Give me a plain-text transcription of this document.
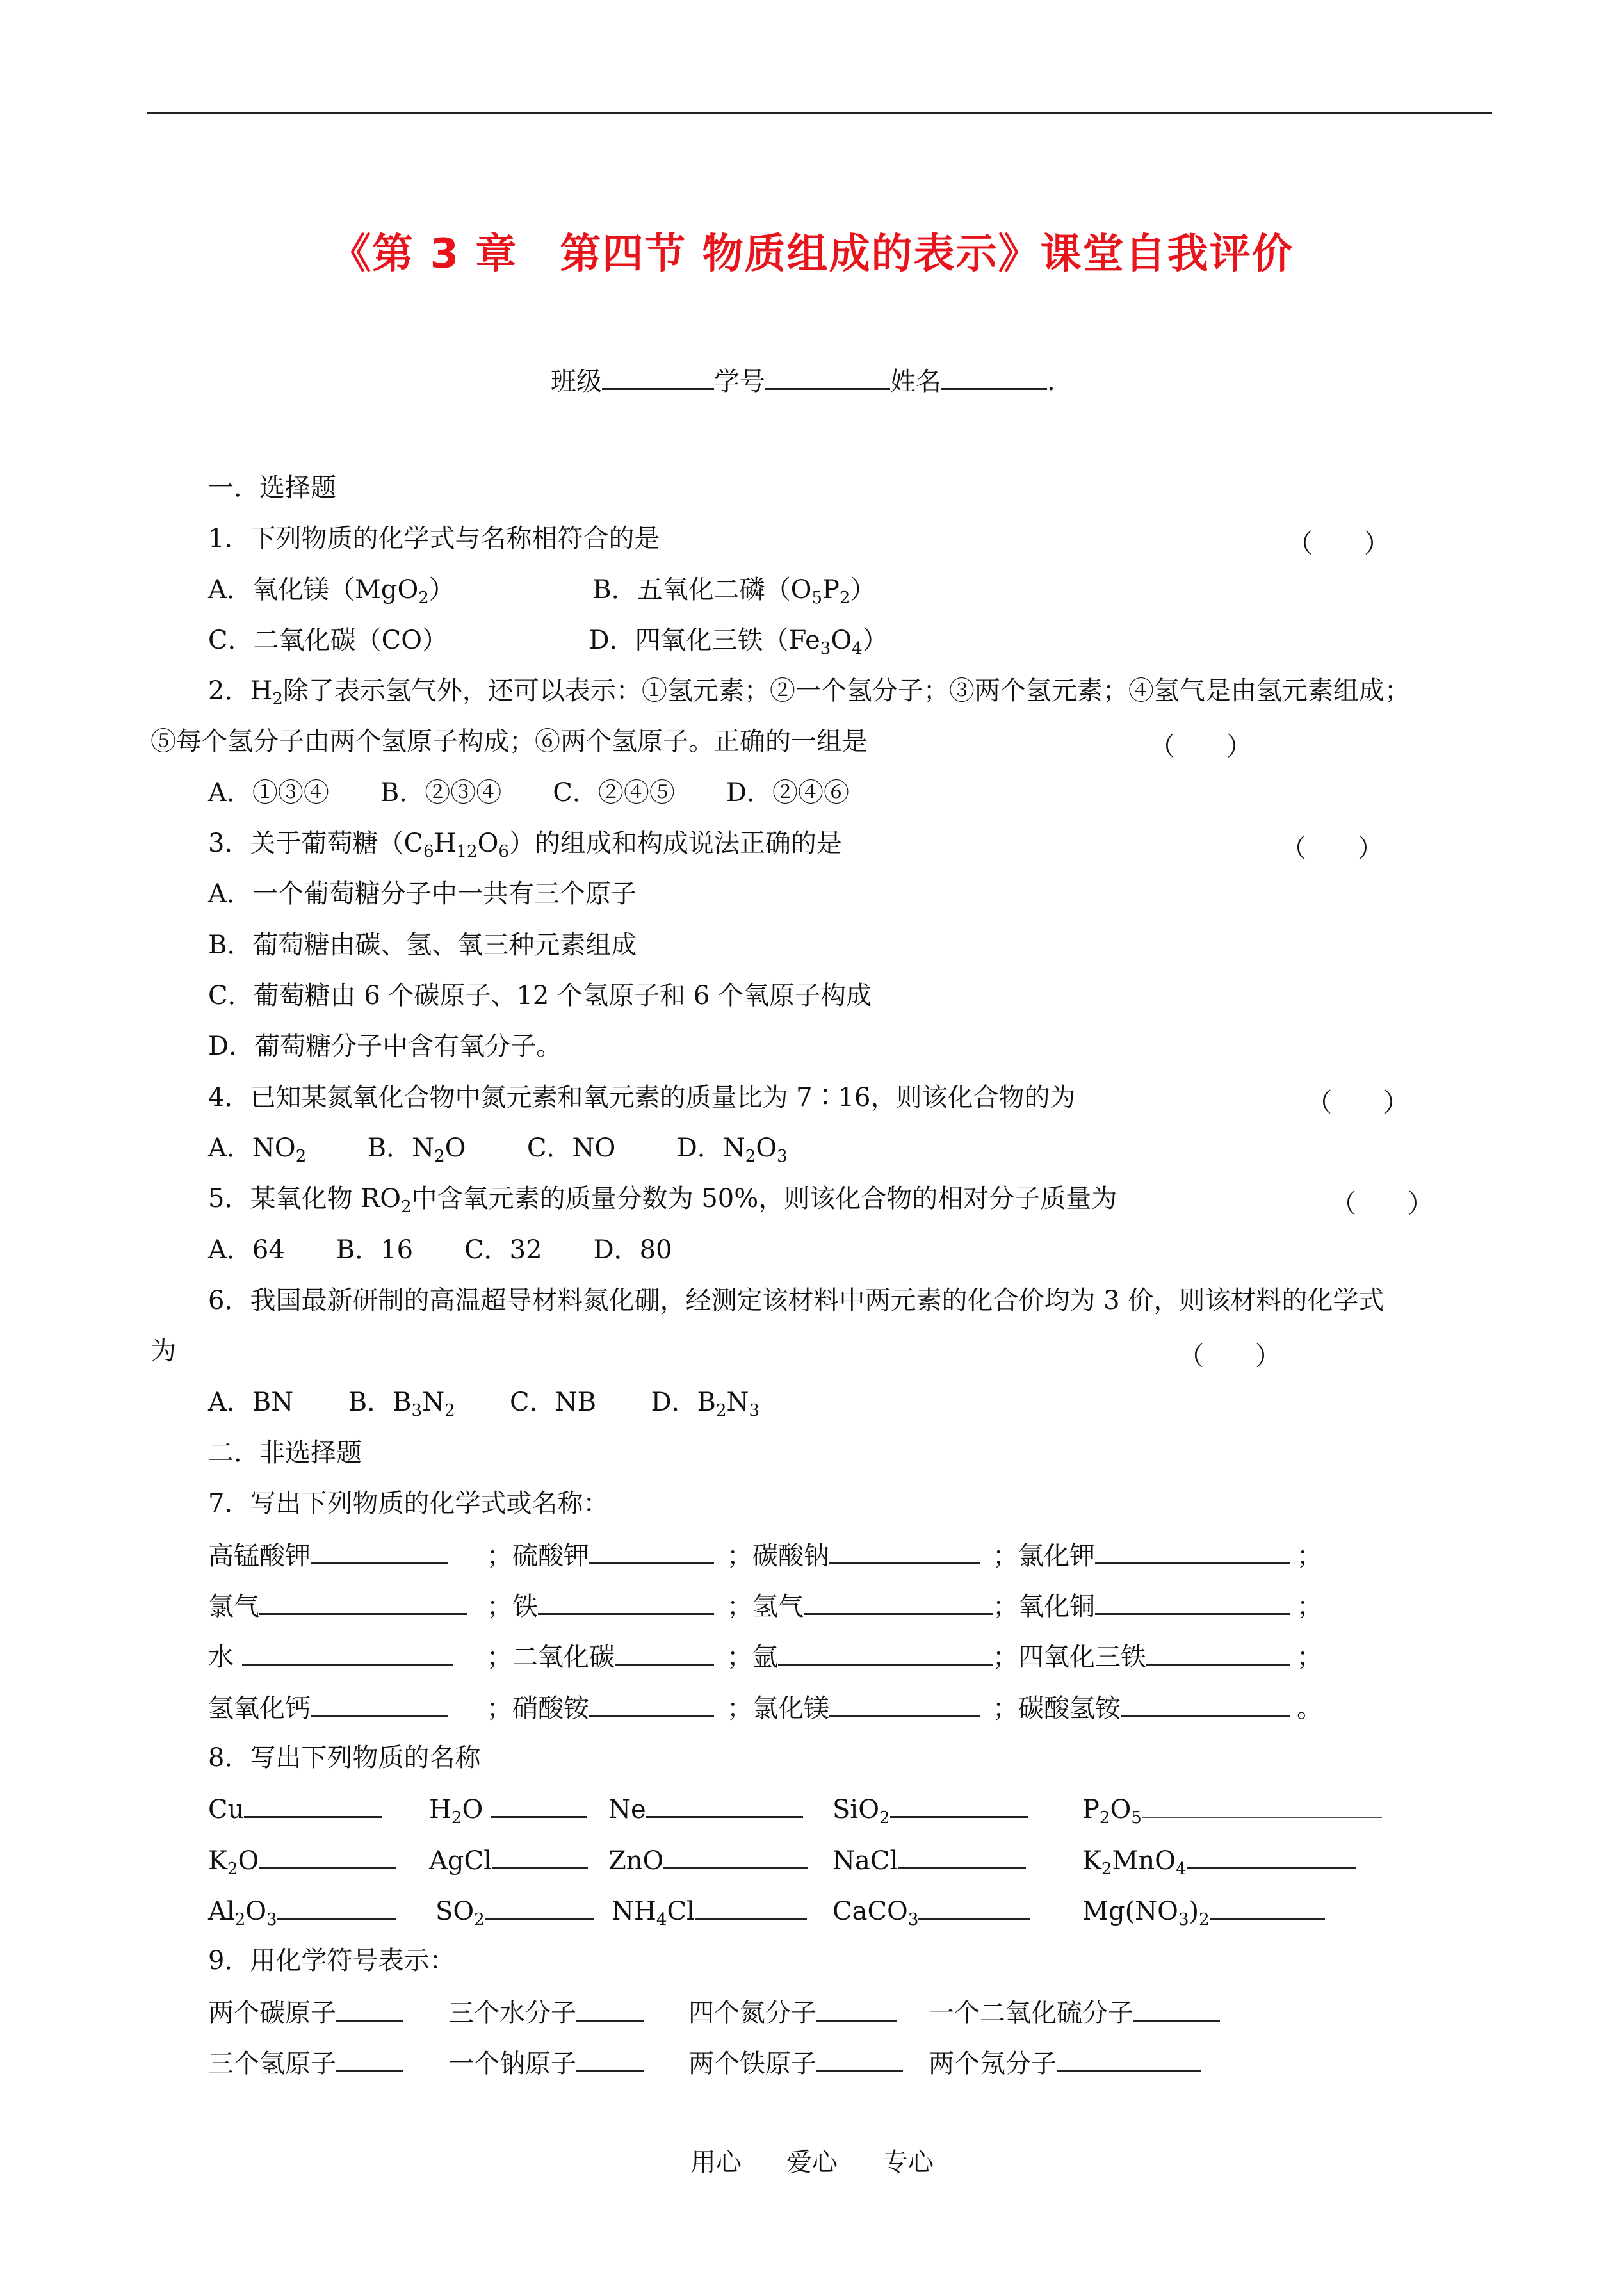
《第 3 章　第四节 物质组成的表示》课堂自我评价
班级	学号	姓名	.
一．选择题
1．下列物质的化学式与名称相符合的是	（　　）
A．氧化镁（MgO$_2$）	B．五氧化二磷$(O_5P_2)$
C．二氧化碳（CO）	D．四氧化三铁$(Fe_3O_4)$
2．$H_2$除了表示氢气外，还可以表示：①氢元素；②一个氢分子；③两个氢元素；④氢气是由氢元素组成；
⑤每个氢分子由两个氢原子构成；⑥两个氢原子。正确的一组是	（　　）
A．①③④　　B．②③④　　C．②④⑤　　D．②④⑥
3．关于葡萄糖$(C_6H_{12}O_6)$的组成和构成说法正确的是	（　　）
A．一个葡萄糖分子中一共有三个原子
B．葡萄糖由碳、氢、氧三种元素组成
C．葡萄糖由 6 个碳原子、12 个氢原子和 6 个氧原子构成
D．葡萄糖分子中含有氧分子。
4．已知某氮氧化合物中氮元素和氧元素的质量比为 7∶16，则该化合物的为	（　　）
A．$NO_2$ B．$N_2O$ C．NO D．$N_2O_3$
5．某氧化物 $RO_2$中含氧元素的质量分数为 50%，则该化合物的相对分子质量为	（　　）
A．64　　B．16　　C．32　　D．80
6．我国最新研制的高温超导材料氮化硼，经测定该材料中两元素的化合价均为 3 价，则该材料的化学式
为	（　　）
A．BN B．$B_3N_2$ C．NB D．$B_2N_3$
二．非选择题
7．写出下列物质的化学式或名称：
高锰酸钾	；硫酸钾	；碳酸钠	；氯化钾	；
氯气	；铁	；氢气	；氧化铜	；
水	；二氧化碳	；氩	；四氧化三铁	；
氢氧化钙	；硝酸铵	；氯化镁	；碳酸氢铵	。
8．写出下列物质的名称
Cu	$H_2O$	Ne	SiO$_2$	$P_2O_5$
$K_2O$	AgCl	ZnO	NaCl	$K_2MnO_4$
$Al_2O_3$	$SO_2$	$NH_4Cl$	CaCO$_3$	$Mg(NO_3)_2$
9．用化学符号表示：
两个碳原子	三个水分子	四个氮分子	一个二氧化硫分子
三个氢原子	一个钠原子	两个铁原子	两个氖分子
用心 爱心 专心
